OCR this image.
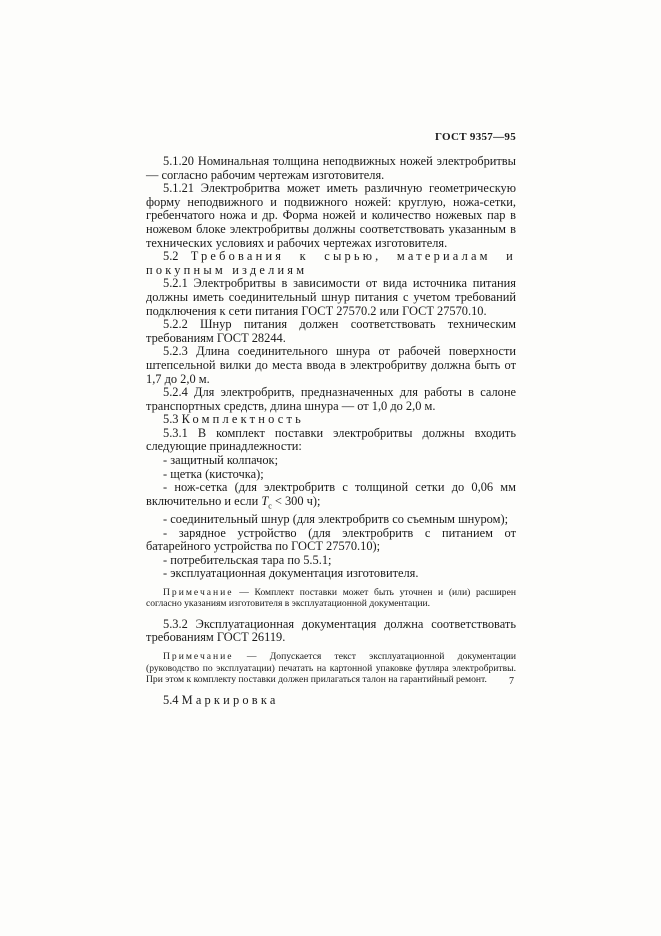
ГОСТ 9357—95

5.1.20 Номинальная толщина неподвижных ножей электробритвы — согласно рабочим чертежам изготовителя.

5.1.21 Электробритва может иметь различную геометрическую форму неподвижного и подвижного ножей: круглую, ножа-сетки, гребенчатого ножа и др. Форма ножей и количество ножевых пар в ножевом блоке электробритвы должны соответствовать указанным в технических условиях и рабочих чертежах изготовителя.

5.2 Требования к сырью, материалам и покупным изделиям

5.2.1 Электробритвы в зависимости от вида источника питания должны иметь соединительный шнур питания с учетом требований подключения к сети питания ГОСТ 27570.2 или ГОСТ 27570.10.

5.2.2 Шнур питания должен соответствовать техническим требованиям ГОСТ 28244.

5.2.3 Длина соединительного шнура от рабочей поверхности штепсельной вилки до места ввода в электробритву должна быть от 1,7 до 2,0 м.

5.2.4 Для электробритв, предназначенных для работы в салоне транспортных средств, длина шнура — от 1,0 до 2,0 м.

5.3 Комплектность

5.3.1 В комплект поставки электробритвы должны входить следующие принадлежности:

- защитный колпачок;

- щетка (кисточка);

- нож-сетка (для электробритв с толщиной сетки до 0,06 мм включительно и если $T_c < 300$ ч);

- соединительный шнур (для электробритв со съемным шнуром);

- зарядное устройство (для электробритв с питанием от батарейного устройства по ГОСТ 27570.10);

- потребительская тара по 5.5.1;

- эксплуатационная документация изготовителя.

Примечание — Комплект поставки может быть уточнен и (или) расширен согласно указаниям изготовителя в эксплуатационной документации.

5.3.2 Эксплуатационная документация должна соответствовать требованиям ГОСТ 26119.

Примечание — Допускается текст эксплуатационной документации (руководство по эксплуатации) печатать на картонной упаковке футляра электробритвы. При этом к комплекту поставки должен прилагаться талон на гарантийный ремонт.

5.4 Маркировка

7
